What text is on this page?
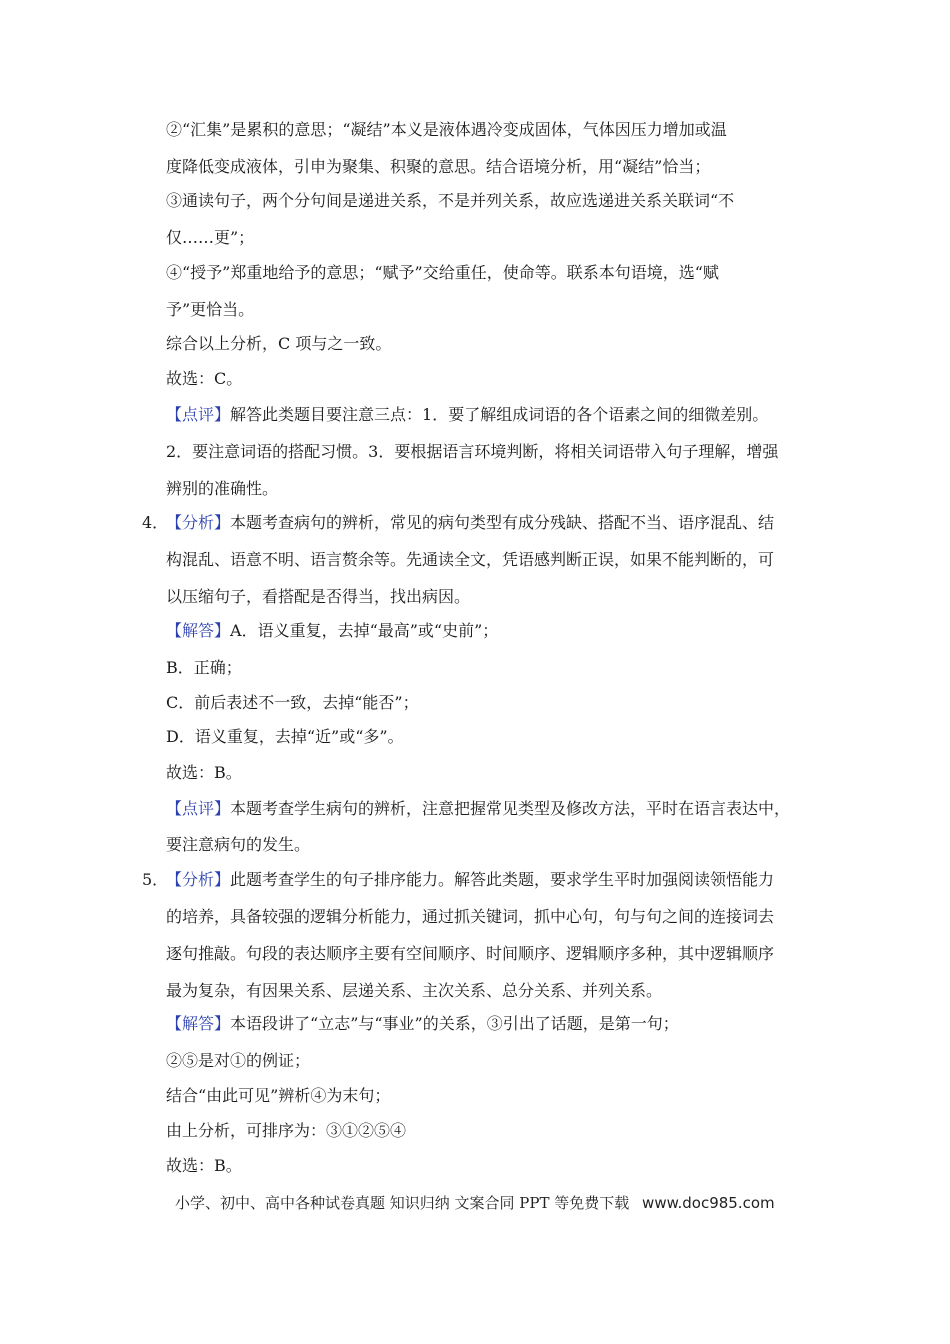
②“汇集”是累积的意思；“凝结”本义是液体遇冷变成固体，气体因压力增加或温
度降低变成液体，引申为聚集、积聚的意思。结合语境分析，用“凝结”恰当；
③通读句子，两个分句间是递进关系，不是并列关系，故应选递进关系关联词“不
仅……更”；
④“授予”郑重地给予的意思；“赋予”交给重任，使命等。联系本句语境，选“赋
予”更恰当。
综合以上分析，C 项与之一致。
故选：C。
【点评】解答此类题目要注意三点：1．要了解组成词语的各个语素之间的细微差别。
2．要注意词语的搭配习惯。3．要根据语言环境判断，将相关词语带入句子理解，增强
辨别的准确性。
4．
【分析】本题考查病句的辨析，常见的病句类型有成分残缺、搭配不当、语序混乱、结
构混乱、语意不明、语言赘余等。先通读全文，凭语感判断正误，如果不能判断的，可
以压缩句子，看搭配是否得当，找出病因。
【解答】A．语义重复，去掉“最高”或“史前”；
B．正确；
C．前后表述不一致，去掉“能否”；
D．语义重复，去掉“近”或“多”。
故选：B。
【点评】本题考查学生病句的辨析，注意把握常见类型及修改方法，平时在语言表达中，
要注意病句的发生。
5．
【分析】此题考查学生的句子排序能力。解答此类题，要求学生平时加强阅读领悟能力
的培养，具备较强的逻辑分析能力，通过抓关键词，抓中心句，句与句之间的连接词去
逐句推敲。句段的表达顺序主要有空间顺序、时间顺序、逻辑顺序多种，其中逻辑顺序
最为复杂，有因果关系、层递关系、主次关系、总分关系、并列关系。
【解答】本语段讲了“立志”与“事业”的关系，③引出了话题，是第一句；
②⑤是对①的例证；
结合“由此可见”辨析④为末句；
由上分析，可排序为：③①②⑤④
故选：B。
小学、初中、高中各种试卷真题 知识归纳 文案合同 PPT 等免费下载 www.doc985.com
